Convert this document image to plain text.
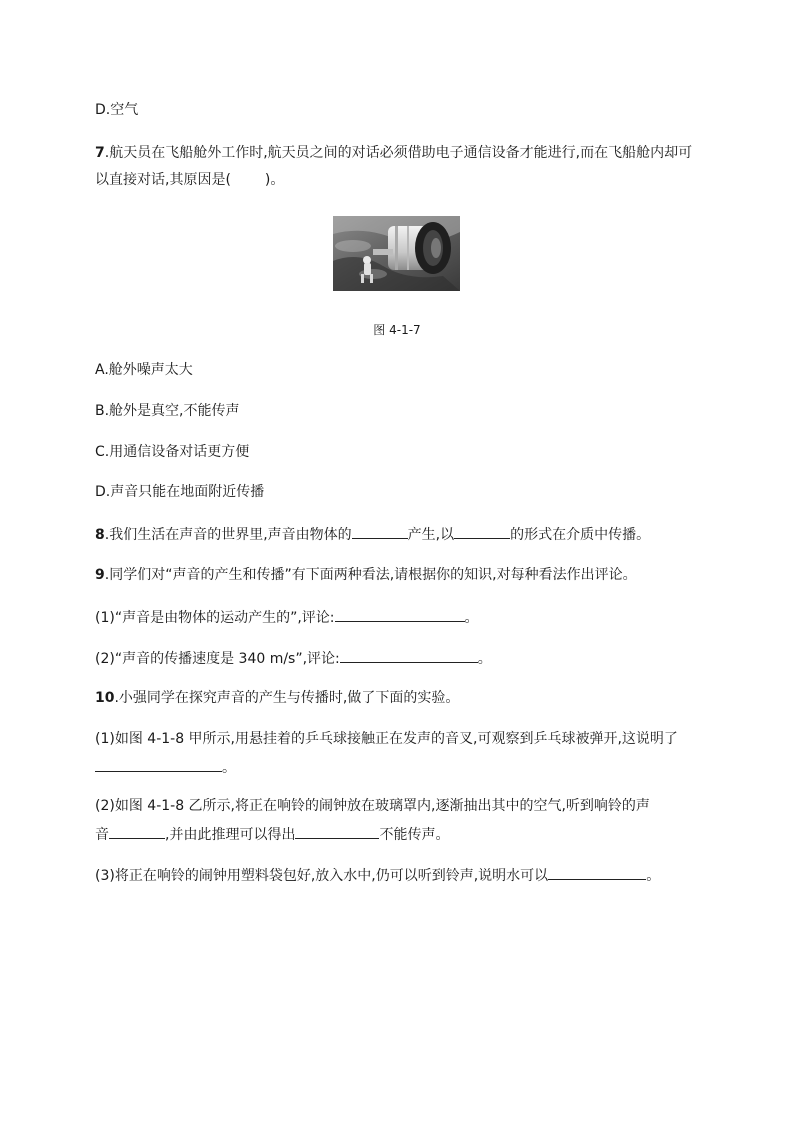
D.空气
7.航天员在飞船舱外工作时,航天员之间的对话必须借助电子通信设备才能进行,而在飞船舱内却可
以直接对话,其原因是( )。
图 4-1-7
A.舱外噪声太大
B.舱外是真空,不能传声
C.用通信设备对话更方便
D.声音只能在地面附近传播
8.我们生活在声音的世界里,声音由物体的	产生,以	的形式在介质中传播。
9.同学们对“声音的产生和传播”有下面两种看法,请根据你的知识,对每种看法作出评论。
(1)“声音是由物体的运动产生的”,评论:	。
(2)“声音的传播速度是 340 m/s”,评论:	。
10.小强同学在探究声音的产生与传播时,做了下面的实验。
(1)如图 4-1-8 甲所示,用悬挂着的乒乓球接触正在发声的音叉,可观察到乒乓球被弹开,这说明了
。
(2)如图 4-1-8 乙所示,将正在响铃的闹钟放在玻璃罩内,逐渐抽出其中的空气,听到响铃的声
音	,并由此推理可以得出	不能传声。
(3)将正在响铃的闹钟用塑料袋包好,放入水中,仍可以听到铃声,说明水可以	。
